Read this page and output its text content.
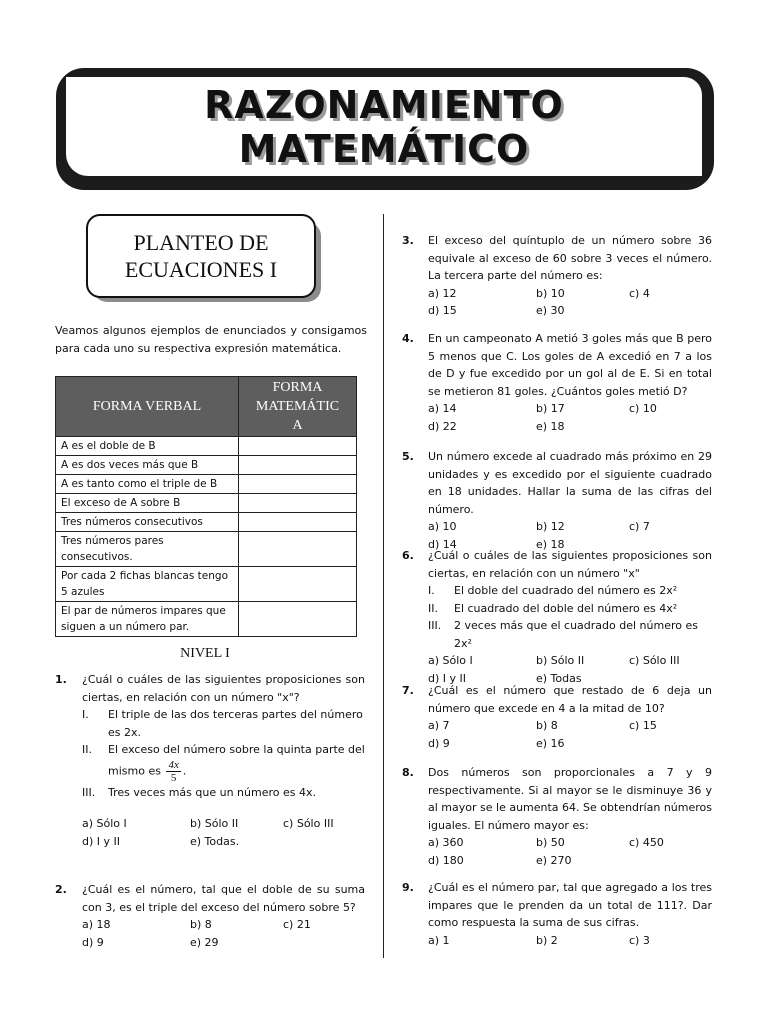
RAZONAMIENTO
MATEMÁTICO
PLANTEO DE
ECUACIONES I
Veamos algunos ejemplos de enunciados y consigamos para cada uno su respectiva expresión matemática.
FORMA VERBAL	FORMA
MATEMÁTIC
A
A es el doble de B	
A es dos veces más que B	
A es tanto como el triple de B	
El exceso de A sobre B	
Tres números consecutivos	
Tres números pares consecutivos.	
Por cada 2 fichas blancas tengo 5 azules	
El par de números impares que siguen a un número par.	
NIVEL I
1. ¿Cuál o cuáles de las siguientes proposiciones son ciertas, en relación con un número "x"?
I.	El triple de las dos terceras partes del número es 2x.
II.	El exceso del número sobre la quinta parte del mismo es $\frac{4x}{5}$ .
III.	Tres veces más que un número es 4x.
a) Sólo I	b) Sólo II	c) Sólo III
d) I y II	e) Todas.
2. ¿Cuál es el número, tal que el doble de su suma con 3, es el triple del exceso del número sobre 5?
a) 18	b) 8	c) 21
d) 9	e) 29
3. El exceso del quíntuplo de un número sobre 36 equivale al exceso de 60 sobre 3 veces el número. La tercera parte del número es:
a) 12	b) 10	c) 4
d) 15	e) 30
4. En un campeonato A metió 3 goles más que B pero 5 menos que C. Los goles de A excedió en 7 a los de D y fue excedido por un gol al de E. Si en total se metieron 81 goles. ¿Cuántos goles metió D?
a) 14	b) 17	c) 10
d) 22	e) 18
5. Un número excede al cuadrado más próximo en 29 unidades y es excedido por el siguiente cuadrado en 18 unidades. Hallar la suma de las cifras del número.
a) 10	b) 12	c) 7
d) 14	e) 18
6. ¿Cuál o cuáles de las siguientes proposiciones son ciertas, en relación con un número "x"
I.	El doble del cuadrado del número es 2x²
II.	El cuadrado del doble del número es 4x²
III.	2 veces más que el cuadrado del número es 2x²
a) Sólo I	b) Sólo II	c) Sólo III
d) I y II	e) Todas
7. ¿Cuál es el número que restado de 6 deja un número que excede en 4 a la mitad de 10?
a) 7	b) 8	c) 15
d) 9	e) 16
8. Dos números son proporcionales a 7 y 9 respectivamente. Si al mayor se le disminuye 36 y al mayor se le aumenta 64. Se obtendrían números iguales. El número mayor es:
a) 360	b) 50	c) 450
d) 180	e) 270
9. ¿Cuál es el número par, tal que agregado a los tres impares que le prenden da un total de 111?. Dar como respuesta la suma de sus cifras.
a) 1	b) 2	c) 3
